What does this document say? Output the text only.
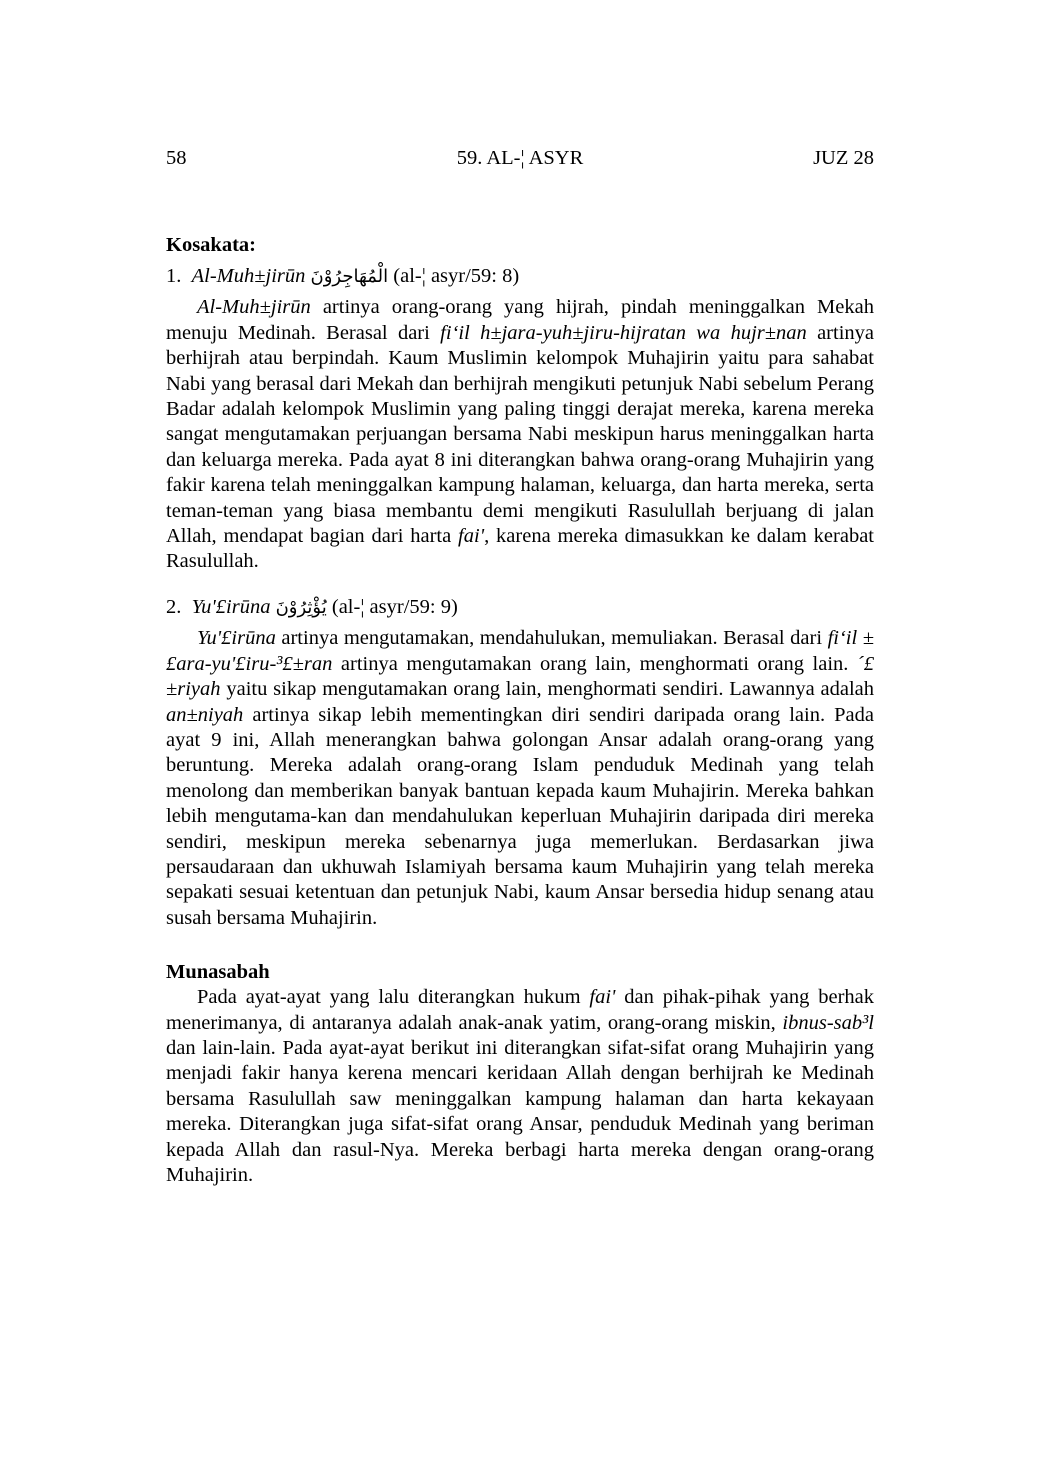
58	59. AL-¦ ASYR	JUZ 28
Kosakata:
1. Al-Muh±jirūn الْمُهَاجِرُوْنَ (al-¦ asyr/59: 8)

Al-Muh±jirūn artinya orang-orang yang hijrah, pindah meninggalkan Mekah menuju Medinah. Berasal dari fi‘il h±jara-yuh±jiru-hijratan wa hujr±nan artinya berhijrah atau berpindah. Kaum Muslimin kelompok Muhajirin yaitu para sahabat Nabi yang berasal dari Mekah dan berhijrah mengikuti petunjuk Nabi sebelum Perang Badar adalah kelompok Muslimin yang paling tinggi derajat mereka, karena mereka sangat mengutamakan perjuangan bersama Nabi meskipun harus meninggalkan harta dan keluarga mereka. Pada ayat 8 ini diterangkan bahwa orang-orang Muhajirin yang fakir karena telah meninggalkan kampung halaman, keluarga, dan harta mereka, serta teman-teman yang biasa membantu demi mengikuti Rasulullah berjuang di jalan Allah, mendapat bagian dari harta fai', karena mereka dimasukkan ke dalam kerabat Rasulullah.

2. Yu'£irūna يُؤْثِرُوْنَ (al-¦ asyr/59: 9)

Yu'£irūna artinya mengutamakan, mendahulukan, memuliakan. Berasal dari fi‘il ±£ara-yu'£iru-³£±ran artinya mengutamakan orang lain, menghormati orang lain. ´£±riyah yaitu sikap mengutamakan orang lain, menghormati sendiri. Lawannya adalah an±niyah artinya sikap lebih mementingkan diri sendiri daripada orang lain. Pada ayat 9 ini, Allah menerangkan bahwa golongan Ansar adalah orang-orang yang beruntung. Mereka adalah orang-orang Islam penduduk Medinah yang telah menolong dan memberikan banyak bantuan kepada kaum Muhajirin. Mereka bahkan lebih mengutama-kan dan mendahulukan keperluan Muhajirin daripada diri mereka sendiri, meskipun mereka sebenarnya juga memerlukan. Berdasarkan jiwa persaudaraan dan ukhuwah Islamiyah bersama kaum Muhajirin yang telah mereka sepakati sesuai ketentuan dan petunjuk Nabi, kaum Ansar bersedia hidup senang atau susah bersama Muhajirin.

Munasabah

Pada ayat-ayat yang lalu diterangkan hukum fai' dan pihak-pihak yang berhak menerimanya, di antaranya adalah anak-anak yatim, orang-orang miskin, ibnus-sab³l dan lain-lain. Pada ayat-ayat berikut ini diterangkan sifat-sifat orang Muhajirin yang menjadi fakir hanya kerena mencari keridaan Allah dengan berhijrah ke Medinah bersama Rasulullah saw meninggalkan kampung halaman dan harta kekayaan mereka. Diterangkan juga sifat-sifat orang Ansar, penduduk Medinah yang beriman kepada Allah dan rasul-Nya. Mereka berbagi harta mereka dengan orang-orang Muhajirin.
